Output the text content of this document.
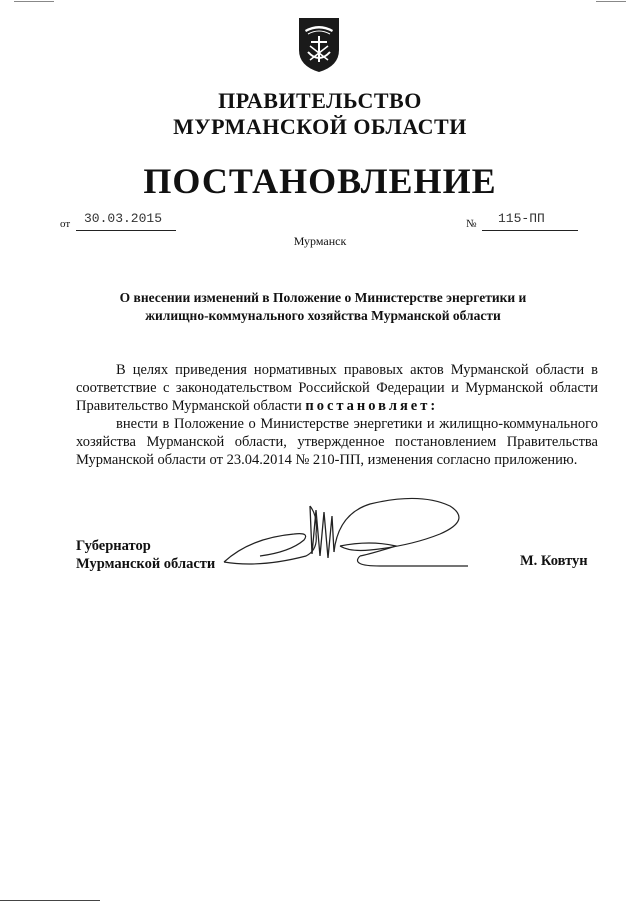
ПРАВИТЕЛЬСТВО
МУРМАНСКОЙ ОБЛАСТИ
ПОСТАНОВЛЕНИЕ
от 30.03.2015	№ 115-ПП
Мурманск
О внесении изменений в Положение о Министерстве энергетики и
жилищно-коммунального хозяйства Мурманской области
В целях приведения нормативных правовых актов Мурманской области в соответствие с законодательством Российской Федерации и Мурманской области Правительство Мурманской области постановляет:
внести в Положение о Министерстве энергетики и жилищно-коммунального хозяйства Мурманской области, утвержденное постановлением Правительства Мурманской области от 23.04.2014 № 210-ПП, изменения согласно приложению.
Губернатор
Мурманской области	М. Ковтун
